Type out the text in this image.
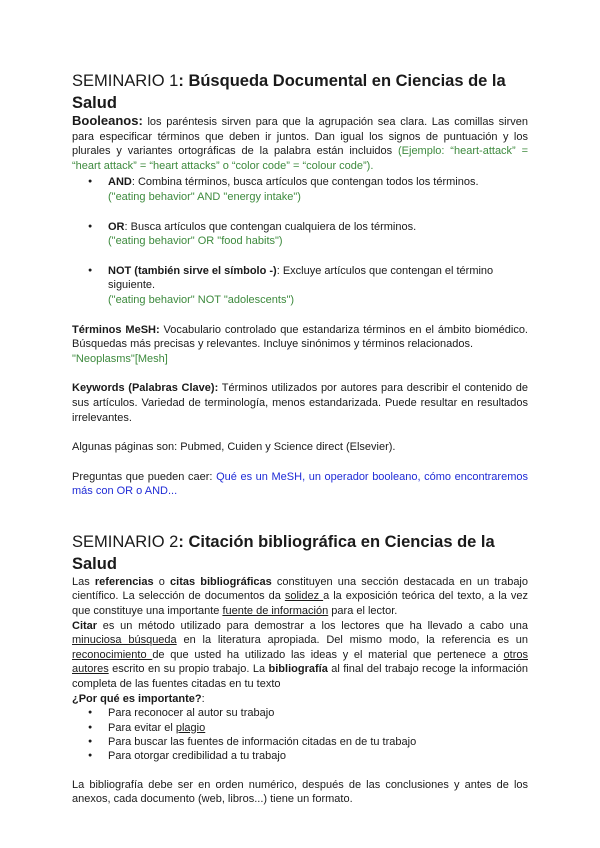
SEMINARIO 1: Búsqueda Documental en Ciencias de la Salud

Booleanos: los paréntesis sirven para que la agrupación sea clara. Las comillas sirven para especificar términos que deben ir juntos. Dan igual los signos de puntuación y los plurales y variantes ortográficas de la palabra están incluidos (Ejemplo: “heart-attack” = “heart attack” = “heart attacks” o “color code” = “colour code”).

● AND: Combina términos, busca artículos que contengan todos los términos.
("eating behavior" AND "energy intake")
● OR: Busca artículos que contengan cualquiera de los términos.
("eating behavior" OR "food habits")
● NOT (también sirve el símbolo -): Excluye artículos que contengan el término siguiente.
("eating behavior" NOT "adolescents")

Términos MeSH: Vocabulario controlado que estandariza términos en el ámbito biomédico. Búsquedas más precisas y relevantes. Incluye sinónimos y términos relacionados.
"Neoplasms"[Mesh]

Keywords (Palabras Clave): Términos utilizados por autores para describir el contenido de sus artículos. Variedad de terminología, menos estandarizada. Puede resultar en resultados irrelevantes.

Algunas páginas son: Pubmed, Cuiden y Science direct (Elsevier).

Preguntas que pueden caer: Qué es un MeSH, un operador booleano, cómo encontraremos más con OR o AND...

SEMINARIO 2: Citación bibliográfica en Ciencias de la Salud

Las referencias o citas bibliográficas constituyen una sección destacada en un trabajo científico. La selección de documentos da solidez a la exposición teórica del texto, a la vez que constituye una importante fuente de información para el lector.

Citar es un método utilizado para demostrar a los lectores que ha llevado a cabo una minuciosa búsqueda en la literatura apropiada. Del mismo modo, la referencia es un reconocimiento de que usted ha utilizado las ideas y el material que pertenece a otros autores escrito en su propio trabajo. La bibliografía al final del trabajo recoge la información completa de las fuentes citadas en tu texto

¿Por qué es importante?:

● Para reconocer al autor su trabajo
● Para evitar el plagio
● Para buscar las fuentes de información citadas en de tu trabajo
● Para otorgar credibilidad a tu trabajo

La bibliografía debe ser en orden numérico, después de las conclusiones y antes de los anexos, cada documento (web, libros...) tiene un formato.
